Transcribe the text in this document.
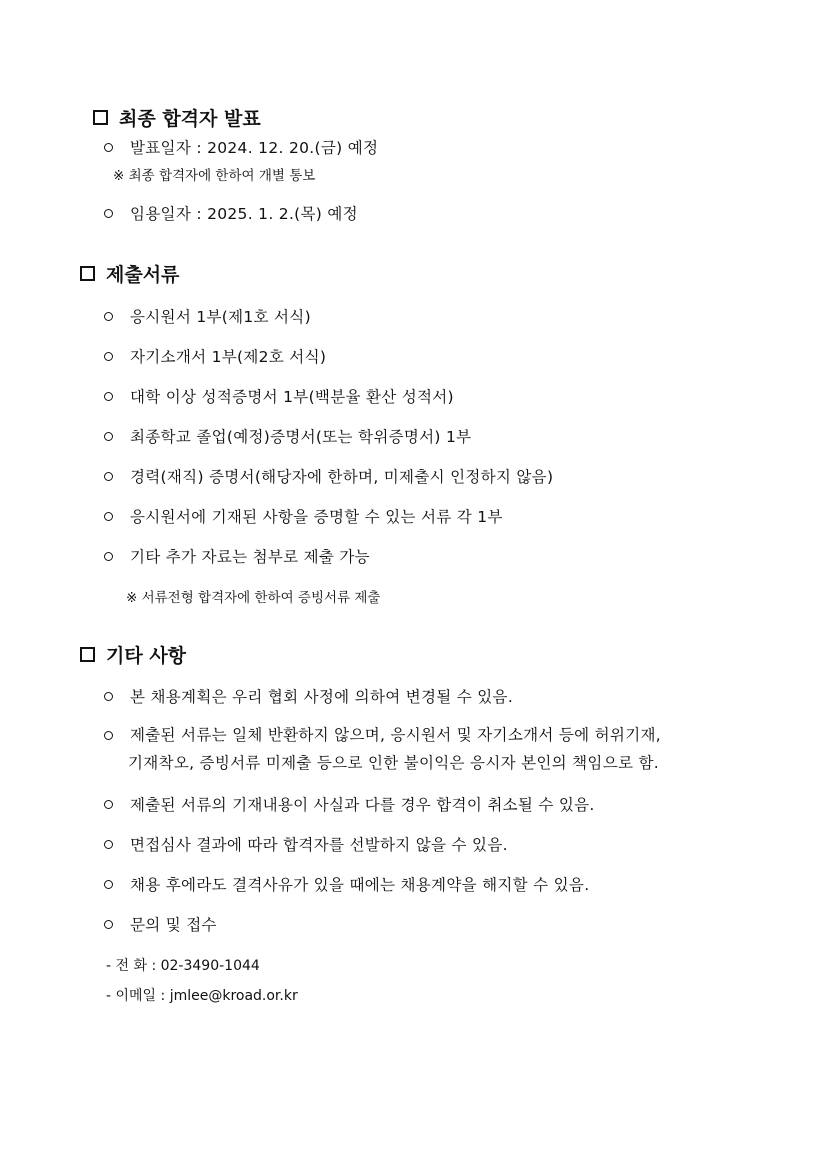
최종 합격자 발표
발표일자 : 2024. 12. 20.(금) 예정
※ 최종 합격자에 한하여 개별 통보
임용일자 : 2025. 1. 2.(목) 예정
제출서류
응시원서 1부(제1호 서식)
자기소개서 1부(제2호 서식)
대학 이상 성적증명서 1부(백분율 환산 성적서)
최종학교 졸업(예정)증명서(또는 학위증명서) 1부
경력(재직) 증명서(해당자에 한하며, 미제출시 인정하지 않음)
응시원서에 기재된 사항을 증명할 수 있는 서류 각 1부
기타 추가 자료는 첨부로 제출 가능
※ 서류전형 합격자에 한하여 증빙서류 제출
기타 사항
본 채용계획은 우리 협회 사정에 의하여 변경될 수 있음.
제출된 서류는 일체 반환하지 않으며, 응시원서 및 자기소개서 등에 허위기재,
기재착오, 증빙서류 미제출 등으로 인한 불이익은 응시자 본인의 책임으로 함.
제출된 서류의 기재내용이 사실과 다를 경우 합격이 취소될 수 있음.
면접심사 결과에 따라 합격자를 선발하지 않을 수 있음.
채용 후에라도 결격사유가 있을 때에는 채용계약을 해지할 수 있음.
문의 및 접수
- 전 화 : 02-3490-1044
- 이메일 : jmlee@kroad.or.kr
